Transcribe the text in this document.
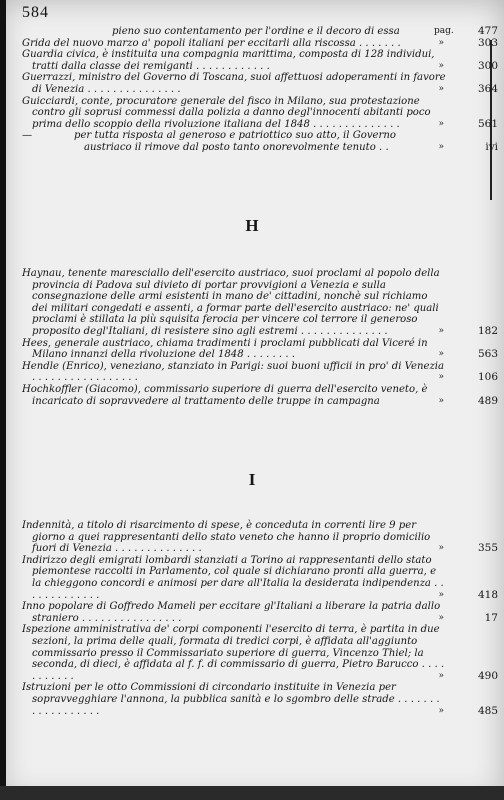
584

pieno suo contentamento per l'ordine e il decoro di essa	pag. 477

Grida del nuovo marzo a' popoli italiani per eccitarli alla riscossa . . . . . . .	»	303

Guardia civica, è instituita una compagnia marittima, composta di 128 individui, tratti dalla classe dei remiganti . . . . . . . . . . . .	»	300

Guerrazzi, ministro del Governo di Toscana, suoi affettuosi adoperamenti in favore di Venezia . . . . . . . . . . . . . . .	»	364

Guicciardi, conte, procuratore generale del fisco in Milano, sua protestazione contro gli soprusi commessi dalla polizia a danno degl'innocenti abitanti poco prima dello scoppio della rivoluzione italiana del 1848 . . . . . . . . . . . . . .	»	561

—	per tutta risposta al generoso e patriottico suo atto, il Governo austriaco il rimove dal posto tanto onorevolmente tenuto . .	»	ivi

H

Haynau, tenente maresciallo dell'esercito austriaco, suoi proclami al popolo della provincia di Padova sul divieto di portar provvigioni a Venezia e sulla consegnazione delle armi esistenti in mano de' cittadini, nonchè sul richiamo dei militari congedati e assenti, a formar parte dell'esercito austriaco: ne' quali proclami è stillata la più squisita ferocia per vincere col terrore il generoso proposito degl'Italiani, di resistere sino agli estremi . . . . . . . . . . . . . .	»	182

Hees, generale austriaco, chiama tradimenti i proclami pubblicati dal Viceré in Milano innanzi della rivoluzione del 1848 . . . . . . . .	»	563

Hendle (Enrico), veneziano, stanziato in Parigi: suoi buoni ufficii in pro' di Venezia . . . . . . . . . . . . . . . . .	»	106

Hochkoffler (Giacomo), commissario superiore di guerra dell'esercito veneto, è incaricato di sopravvedere al trattamento delle truppe in campagna	»	489

I

Indennità, a titolo di risarcimento di spese, è conceduta in correnti lire 9 per giorno a quei rappresentanti dello stato veneto che hanno il proprio domicilio fuori di Venezia . . . . . . . . . . . . . .	»	355

Indirizzo degli emigrati lombardi stanziati a Torino ai rappresentanti dello stato piemontese raccolti in Parlamento, col quale si dichiarano pronti alla guerra, e la chieggono concordi e animosi per dare all'Italia la desiderata indipendenza . . . . . . . . . . . . .	»	418

Inno popolare di Goffredo Mameli per eccitare gl'Italiani a liberare la patria dallo straniero . . . . . . . . . . . . . . . .	»	17

Ispezione amministrativa de' corpi componenti l'esercito di terra, è partita in due sezioni, la prima delle quali, formata di tredici corpi, è affidata all'aggiunto commissario presso il Commissariato superiore di guerra, Vincenzo Thiel; la seconda, di dieci, è affidata al f. f. di commissario di guerra, Pietro Barucco . . . . . . . . . . .	»	490

Istruzioni per le otto Commissioni di circondario instituite in Venezia per sopravvegghiare l'annona, la pubblica sanità e lo sgombro delle strade . . . . . . . . . . . . . . . . . .	»	485
